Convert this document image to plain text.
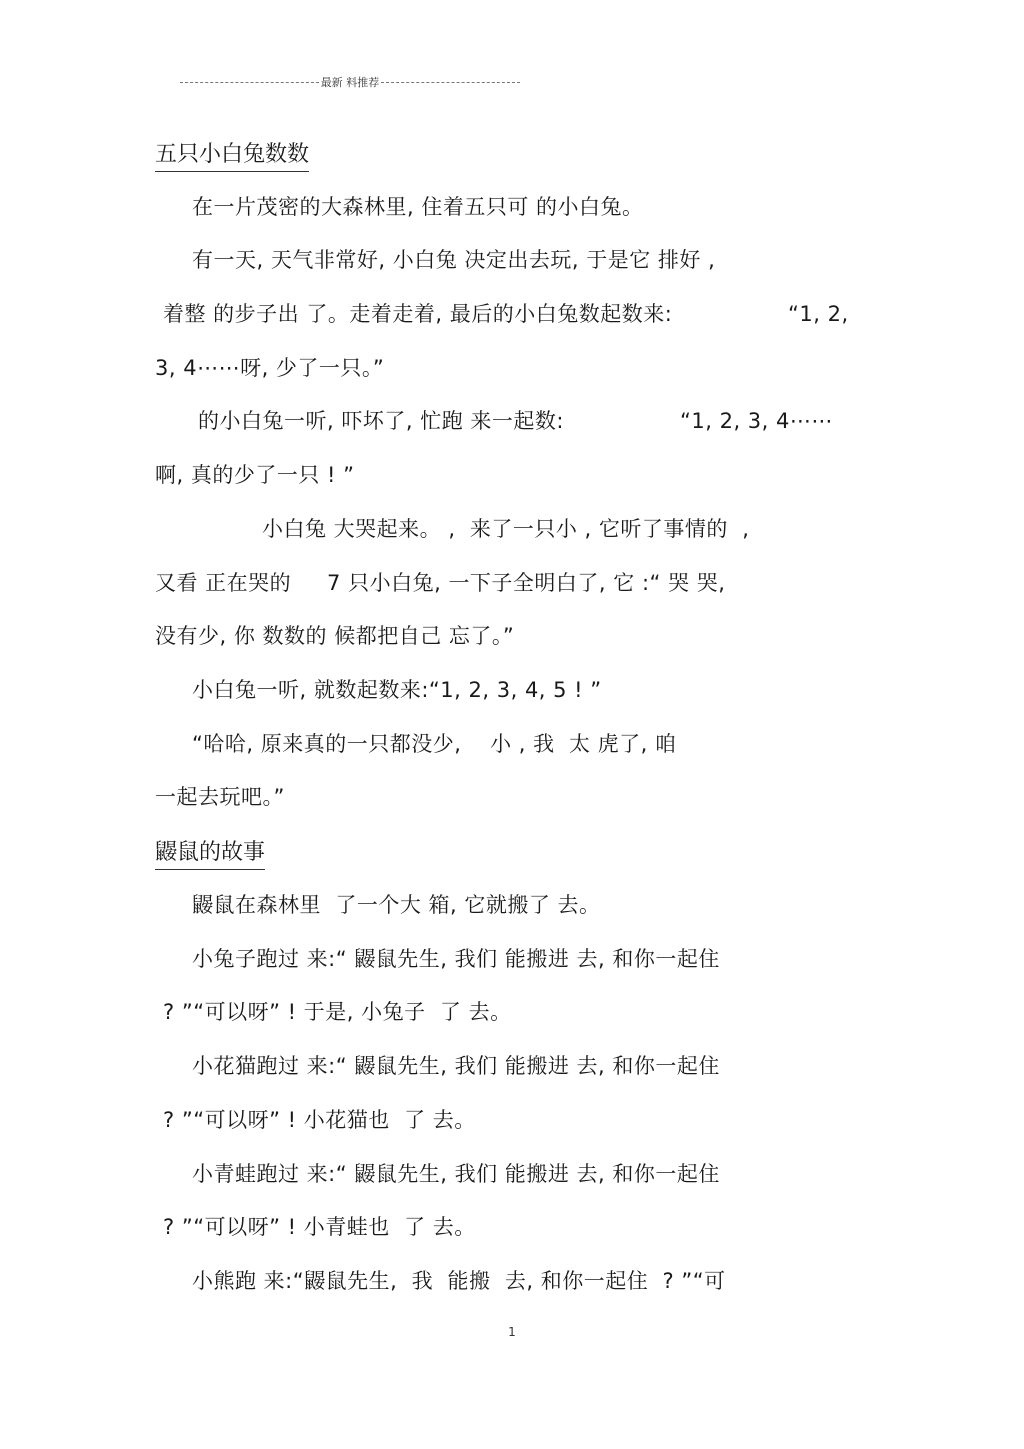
最新 料推荐
五只小白兔数数
在一片茂密的大森林里, 住着五只可 的小白兔。
有一天, 天气非常好, 小白兔 决定出去玩, 于是它 排好 ,
着整 的步子出 了。走着走着, 最后的小白兔数起数来:	“1, 2,
3, 4⋯⋯呀, 少了一只。”
的小白兔一听, 吓坏了, 忙跑 来一起数:	“1, 2, 3, 4⋯⋯
啊, 真的少了一只 ! ”
小白兔 大哭起来。 ,  来了一只小 , 它听了事情的  ,
又看 正在哭的     7 只小白兔, 一下子全明白了, 它 :“ 哭 哭,
没有少, 你 数数的 候都把自己 忘了。”
小白兔一听, 就数起数来:“1, 2, 3, 4, 5 ! ”
“哈哈, 原来真的一只都没少,    小 , 我  太 虎了, 咱
一起去玩吧。”
鼹鼠的故事
鼹鼠在森林里  了一个大 箱, 它就搬了 去。
小兔子跑过 来:“ 鼹鼠先生, 我们 能搬进 去, 和你一起住
? ”“可以呀” ! 于是, 小兔子  了 去。
小花猫跑过 来:“ 鼹鼠先生, 我们 能搬进 去, 和你一起住
? ”“可以呀” ! 小花猫也  了 去。
小青蛙跑过 来:“ 鼹鼠先生, 我们 能搬进 去, 和你一起住
? ”“可以呀” ! 小青蛙也  了 去。
小熊跑 来:“鼹鼠先生,  我  能搬  去, 和你一起住  ? ”“可
1
